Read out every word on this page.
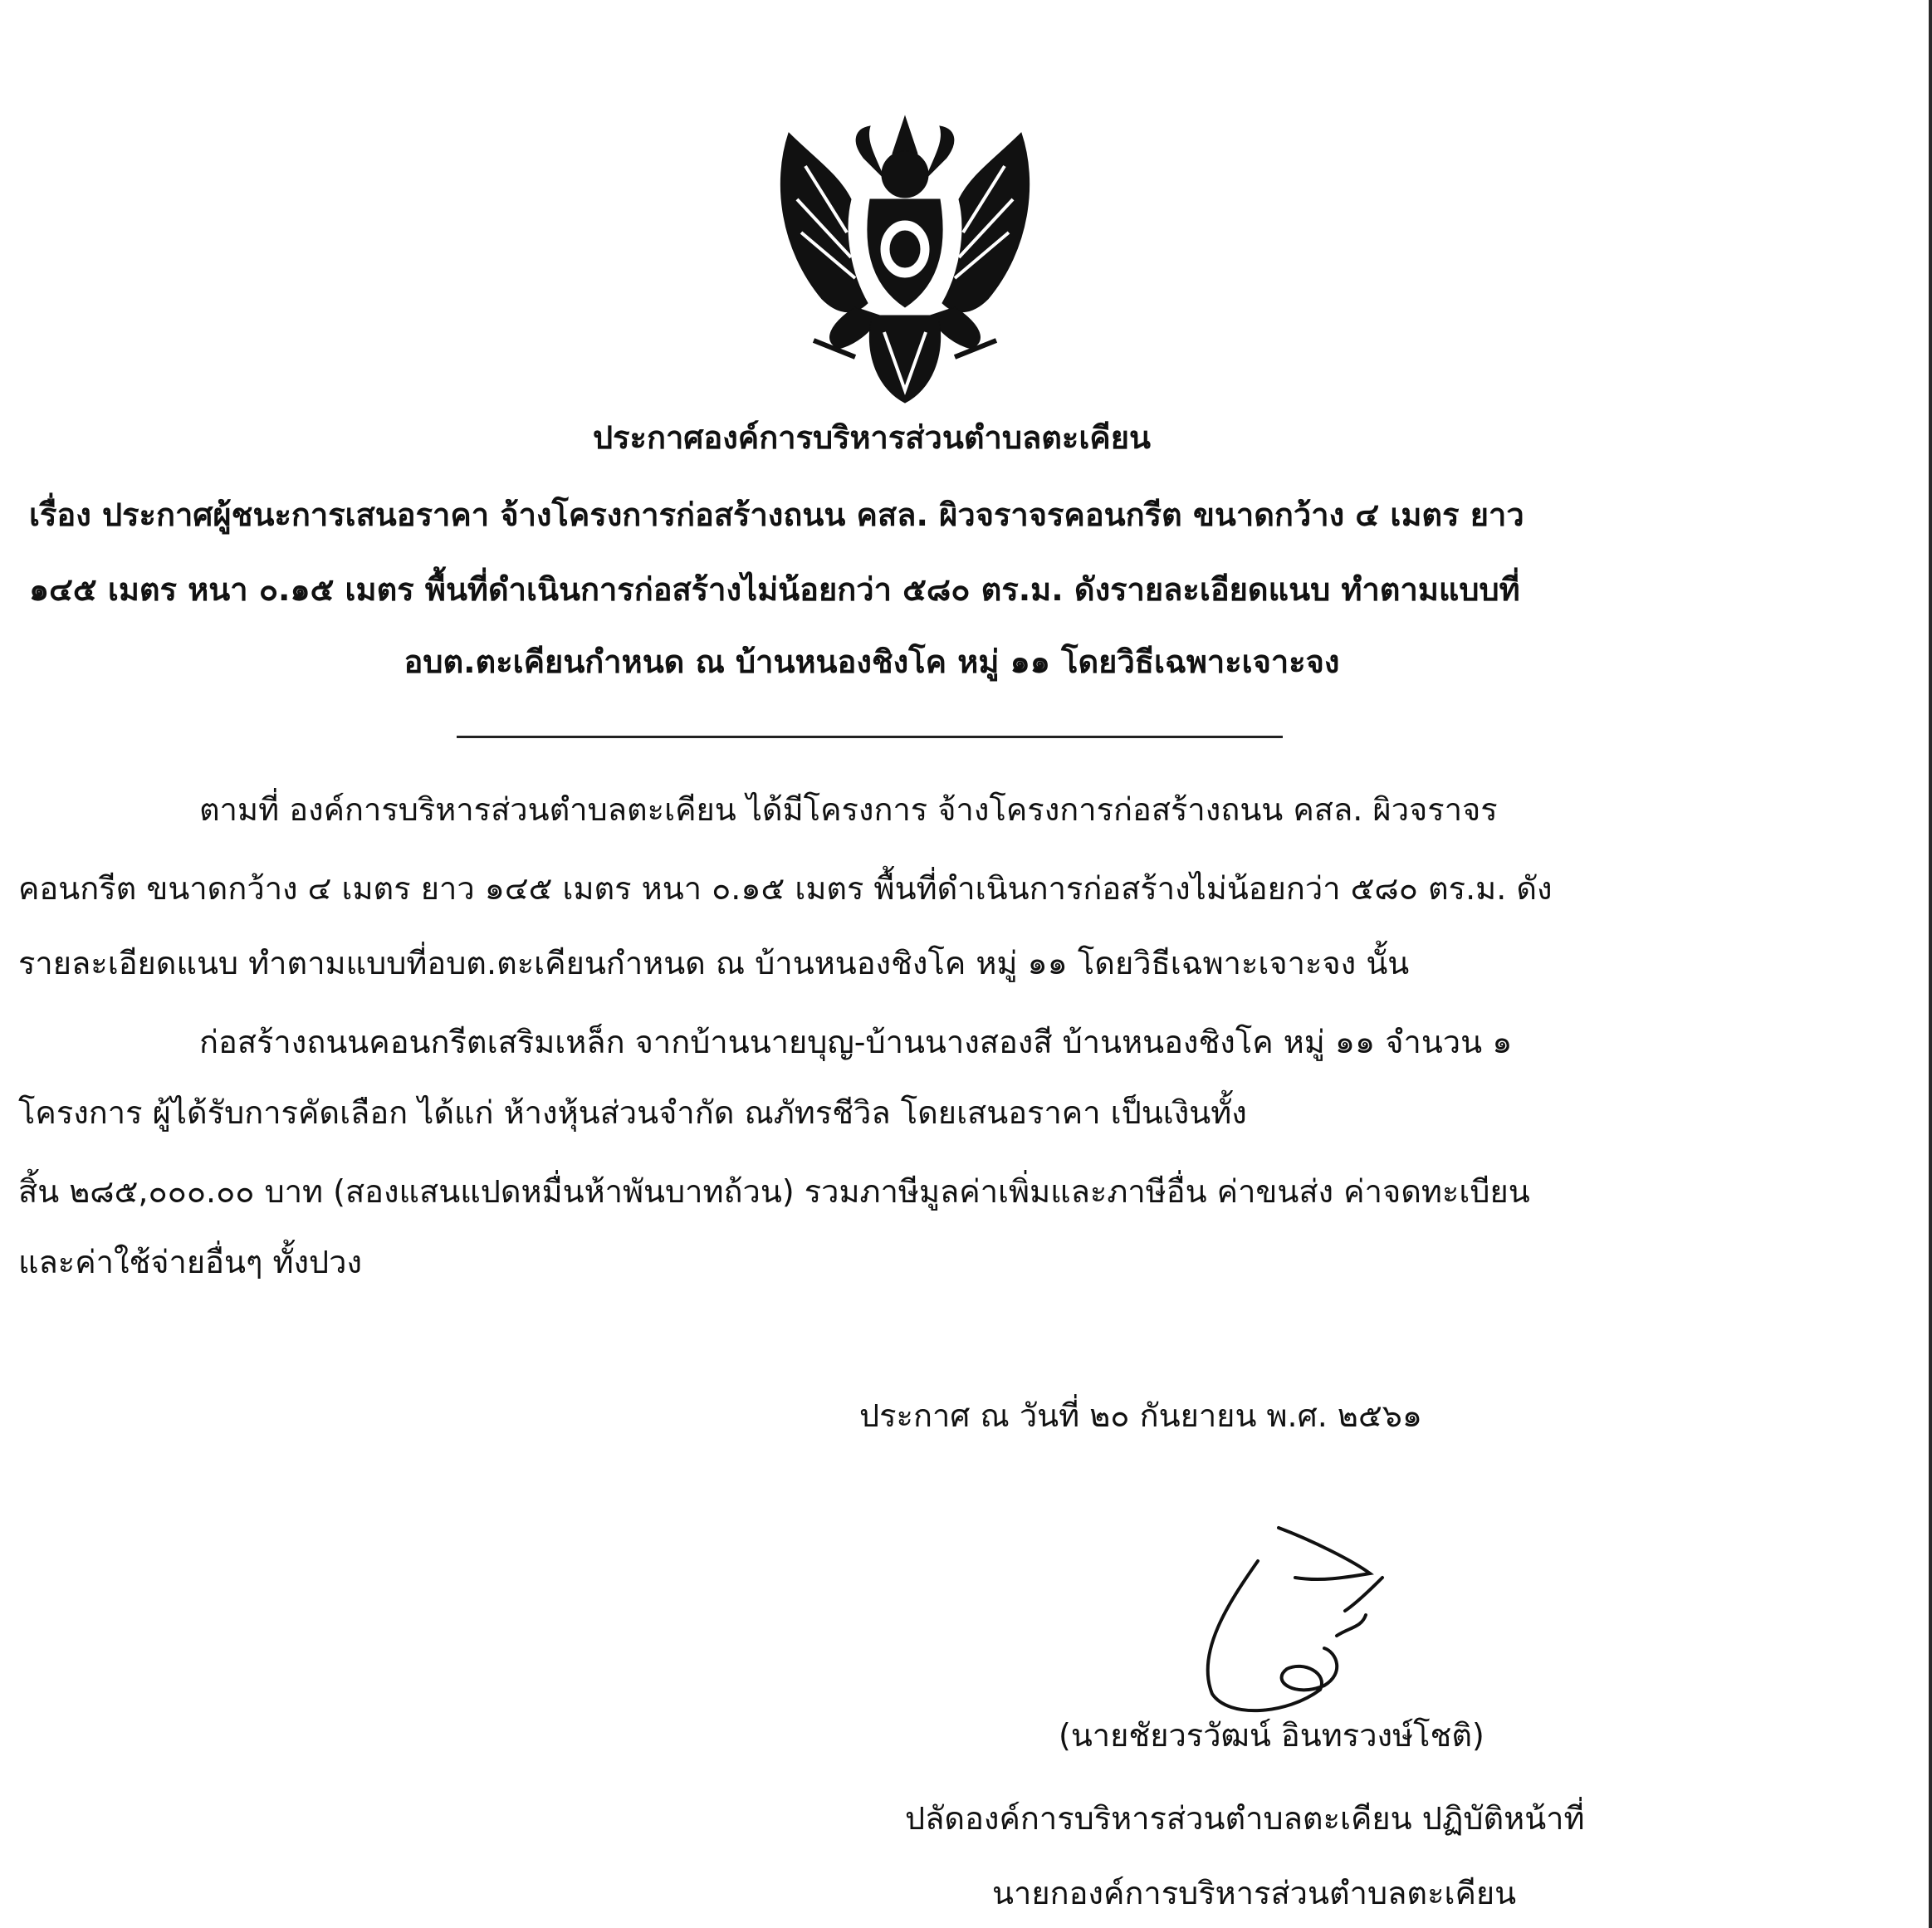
ประกาศองค์การบริหารส่วนตำบลตะเคียน
เรื่อง ประกาศผู้ชนะการเสนอราคา จ้างโครงการก่อสร้างถนน คสล. ผิวจราจรคอนกรีต ขนาดกว้าง ๔ เมตร ยาว
๑๔๕ เมตร หนา ๐.๑๕ เมตร พื้นที่ดำเนินการก่อสร้างไม่น้อยกว่า ๕๘๐ ตร.ม. ดังรายละเอียดแนบ ทำตามแบบที่
อบต.ตะเคียนกำหนด ณ บ้านหนองชิงโค หมู่ ๑๑ โดยวิธีเฉพาะเจาะจง
ตามที่ องค์การบริหารส่วนตำบลตะเคียน ได้มีโครงการ จ้างโครงการก่อสร้างถนน คสล. ผิวจราจร
คอนกรีต ขนาดกว้าง ๔ เมตร ยาว ๑๔๕ เมตร หนา ๐.๑๕ เมตร พื้นที่ดำเนินการก่อสร้างไม่น้อยกว่า ๕๘๐ ตร.ม. ดัง
รายละเอียดแนบ ทำตามแบบที่อบต.ตะเคียนกำหนด ณ บ้านหนองชิงโค หมู่ ๑๑ โดยวิธีเฉพาะเจาะจง นั้น
ก่อสร้างถนนคอนกรีตเสริมเหล็ก จากบ้านนายบุญ-บ้านนางสองสี บ้านหนองชิงโค หมู่ ๑๑ จำนวน ๑
โครงการ ผู้ได้รับการคัดเลือก ได้แก่ ห้างหุ้นส่วนจำกัด ณภัทรชีวิล โดยเสนอราคา เป็นเงินทั้ง
สิ้น ๒๘๕,๐๐๐.๐๐ บาท (สองแสนแปดหมื่นห้าพันบาทถ้วน) รวมภาษีมูลค่าเพิ่มและภาษีอื่น ค่าขนส่ง ค่าจดทะเบียน
และค่าใช้จ่ายอื่นๆ ทั้งปวง
ประกาศ ณ วันที่ ๒๐ กันยายน พ.ศ. ๒๕๖๑
(นายชัยวรวัฒน์ อินทรวงษ์โชติ)
ปลัดองค์การบริหารส่วนตำบลตะเคียน ปฏิบัติหน้าที่
นายกองค์การบริหารส่วนตำบลตะเคียน
